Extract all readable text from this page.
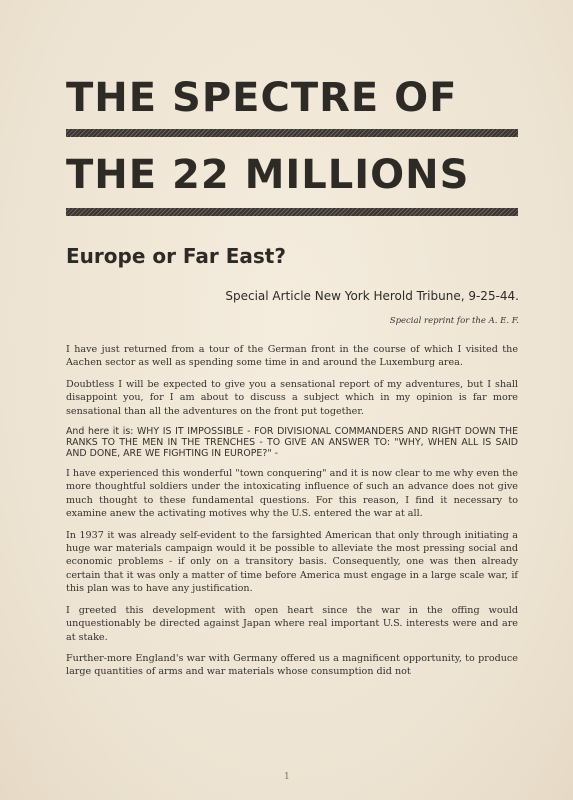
THE SPECTRE OF
THE 22 MILLIONS
Europe or Far East?
Special Article New York Herold Tribune, 9-25-44.
Special reprint for the A. E. F.

I have just returned from a tour of the German front in the course of which I visited the Aachen sector as well as spending some time in and around the Luxemburg area.

Doubtless I will be expected to give you a sensational report of my adventures, but I shall disappoint you, for I am about to discuss a subject which in my opinion is far more sensational than all the adventures on the front put together.

And here it is: WHY IS IT IMPOSSIBLE - FOR DIVISIONAL COMMANDERS AND RIGHT DOWN THE RANKS TO THE MEN IN THE TRENCHES - TO GIVE AN ANSWER TO: "WHY, WHEN ALL IS SAID AND DONE, ARE WE FIGHTING IN EUROPE?" -

I have experienced this wonderful "town conquering" and it is now clear to me why even the more thoughtful soldiers under the intoxicating influence of such an advance does not give much thought to these fundamental questions. For this reason, I find it necessary to examine anew the activating motives why the U.S. entered the war at all.

In 1937 it was already self-evident to the farsighted American that only through initiating a huge war materials campaign would it be possible to alleviate the most pressing social and economic problems - if only on a transitory basis. Consequently, one was then already certain that it was only a matter of time before America must engage in a large scale war, if this plan was to have any justification.

I greeted this development with open heart since the war in the offing would unquestionably be directed against Japan where real important U.S. interests were and are at stake.

Further-more England's war with Germany offered us a magnificent opportunity, to produce large quantities of arms and war materials whose consumption did not

1
